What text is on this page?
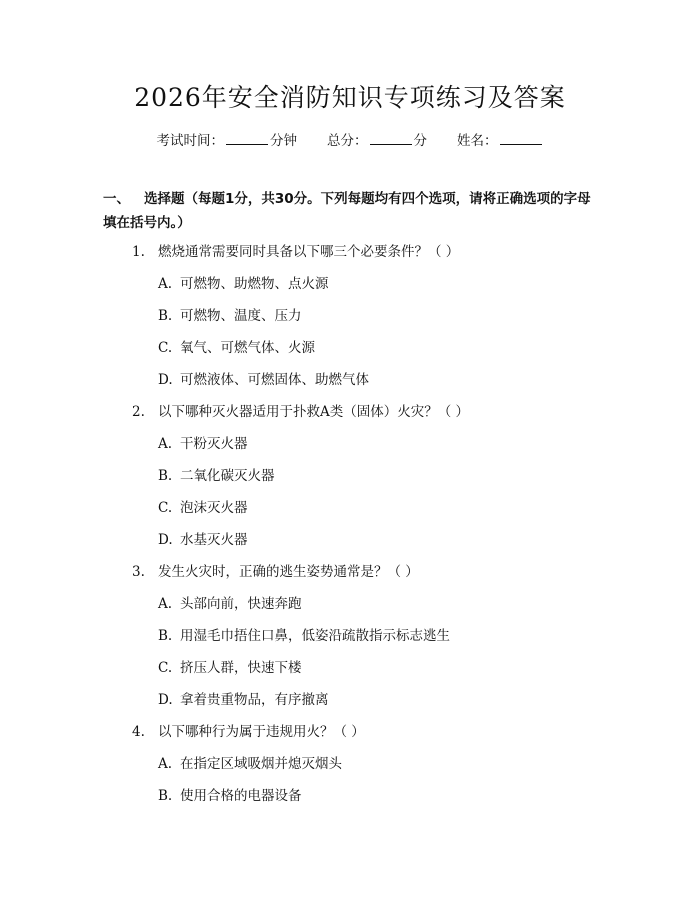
2026年安全消防知识专项练习及答案
考试时间：	分钟 总分：	分 姓名：
一、 选择题（每题1分，共30分。下列每题均有四个选项，请将正确选项的字母填在括号内。）
1. 燃烧通常需要同时具备以下哪三个必要条件？（ ）
A. 可燃物、助燃物、点火源
B. 可燃物、温度、压力
C. 氧气、可燃气体、火源
D. 可燃液体、可燃固体、助燃气体
2. 以下哪种灭火器适用于扑救A类（固体）火灾？（ ）
A. 干粉灭火器
B. 二氧化碳灭火器
C. 泡沫灭火器
D. 水基灭火器
3. 发生火灾时，正确的逃生姿势通常是？（ ）
A. 头部向前，快速奔跑
B. 用湿毛巾捂住口鼻，低姿沿疏散指示标志逃生
C. 挤压人群，快速下楼
D. 拿着贵重物品，有序撤离
4. 以下哪种行为属于违规用火？（ ）
A. 在指定区域吸烟并熄灭烟头
B. 使用合格的电器设备
